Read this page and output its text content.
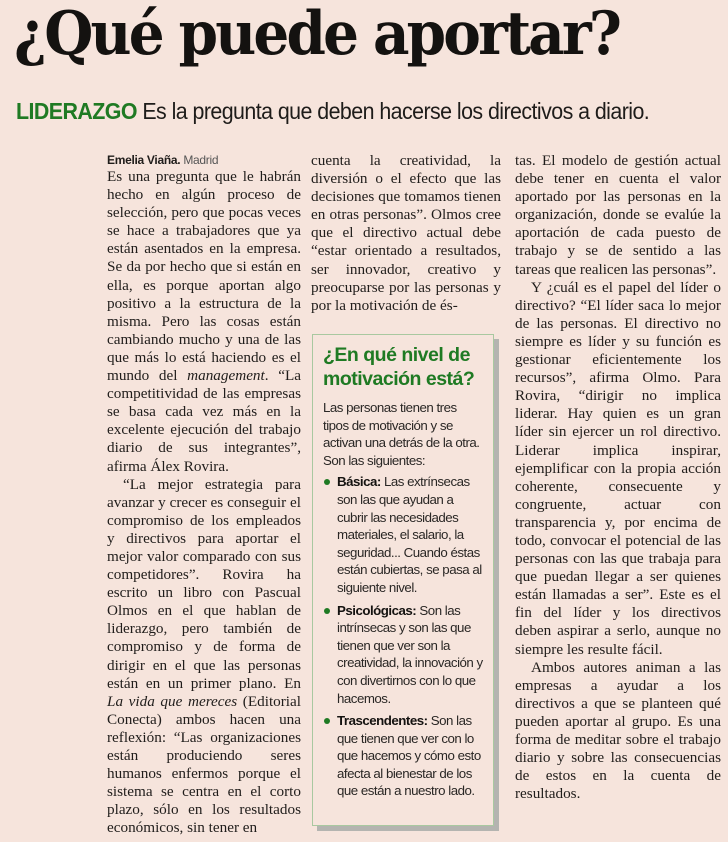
¿Qué puede aportar?
LIDERAZGO Es la pregunta que deben hacerse los directivos a diario.
Emelia Viaña. Madrid

Es una pregunta que le habrán hecho en algún proceso de selección, pero que pocas veces se hace a trabajadores que ya están asentados en la empresa. Se da por hecho que si están en ella, es porque aportan algo positivo a la estructura de la misma. Pero las cosas están cambiando mucho y una de las que más lo está haciendo es el mundo del management. “La competitividad de las empresas se basa cada vez más en la excelente ejecución del trabajo diario de sus integrantes”, afirma Álex Rovira.

“La mejor estrategia para avanzar y crecer es conseguir el compromiso de los empleados y directivos para aportar el mejor valor comparado con sus competidores”. Rovira ha escrito un libro con Pascual Olmos en el que hablan de liderazgo, pero también de compromiso y de forma de dirigir en el que las personas están en un primer plano. En La vida que mereces (Editorial Conecta) ambos hacen una reflexión: “Las organizaciones están produciendo seres humanos enfermos porque el sistema se centra en el corto plazo, sólo en los resultados económicos, sin tener en

cuenta la creatividad, la diversión o el efecto que las decisiones que tomamos tienen en otras personas”. Olmos cree que el directivo actual debe “estar orientado a resultados, ser innovador, creativo y preocuparse por las personas y por la motivación de és-

¿En qué nivel de motivación está?

Las personas tienen tres tipos de motivación y se activan una detrás de la otra. Son las siguientes:

Básica: Las extrínsecas son las que ayudan a cubrir las necesidades materiales, el salario, la seguridad... Cuando éstas están cubiertas, se pasa al siguiente nivel.
Psicológicas: Son las intrínsecas y son las que tienen que ver son la creatividad, la innovación y con divertirnos con lo que hacemos.
Trascendentes: Son las que tienen que ver con lo que hacemos y cómo esto afecta al bienestar de los que están a nuestro lado.

tas. El modelo de gestión actual debe tener en cuenta el valor aportado por las personas en la organización, donde se evalúe la aportación de cada puesto de trabajo y se de sentido a las tareas que realicen las personas”.

Y ¿cuál es el papel del líder o directivo? “El líder saca lo mejor de las personas. El directivo no siempre es líder y su función es gestionar eficientemente los recursos”, afirma Olmo. Para Rovira, “dirigir no implica liderar. Hay quien es un gran líder sin ejercer un rol directivo. Liderar implica inspirar, ejemplificar con la propia acción coherente, consecuente y congruente, actuar con transparencia y, por encima de todo, convocar el potencial de las personas con las que trabaja para que puedan llegar a ser quienes están llamadas a ser”. Este es el fin del líder y los directivos deben aspirar a serlo, aunque no siempre les resulte fácil.

Ambos autores animan a las empresas a ayudar a los directivos a que se planteen qué pueden aportar al grupo. Es una forma de meditar sobre el trabajo diario y sobre las consecuencias de estos en la cuenta de resultados.
